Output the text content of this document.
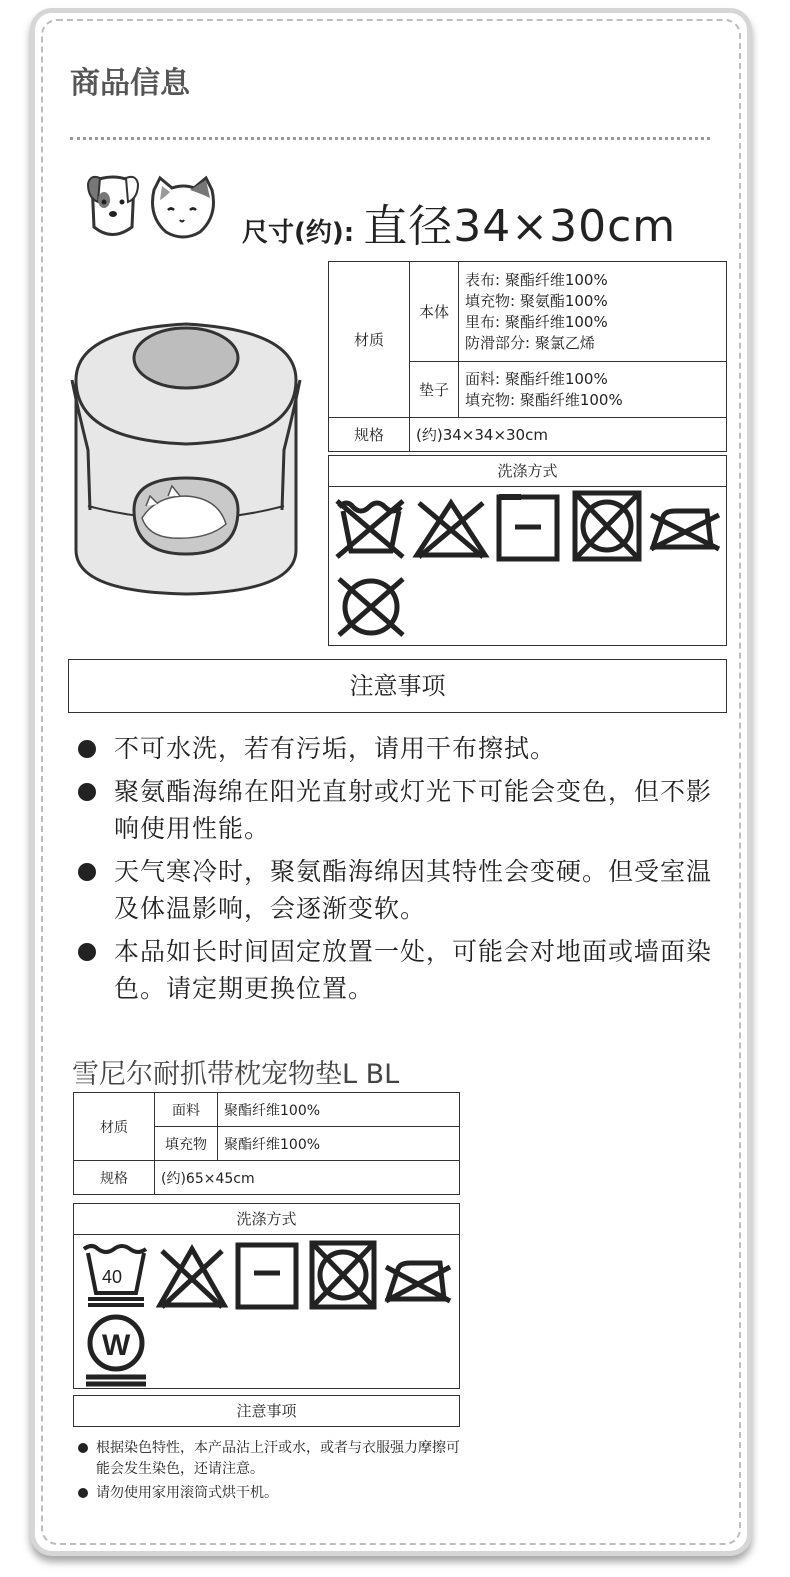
商品信息
尺寸(约): 直径34×30cm
材质	本体	表布: 聚酯纤维100%
填充物: 聚氨酯100%
里布: 聚酯纤维100%
防滑部分: 聚氯乙烯

	垫子	面料: 聚酯纤维100%
填充物: 聚酯纤维100%

规格	(约)34×34×30cm	
洗涤方式
注意事项
不可水洗，若有污垢，请用干布擦拭。
聚氨酯海绵在阳光直射或灯光下可能会变色，但不影响使用性能。
天气寒冷时，聚氨酯海绵因其特性会变硬。但受室温及体温影响，会逐渐变软。
本品如长时间固定放置一处，可能会对地面或墙面染色。请定期更换位置。
雪尼尔耐抓带枕宠物垫L BL
材质	面料	聚酯纤维100%
	填充物	聚酯纤维100%
规格	(约)65×45cm	
洗涤方式
40
W
注意事项
根据染色特性，本产品沾上汗或水，或者与衣服强力摩擦可能会发生染色，还请注意。
请勿使用家用滚筒式烘干机。
